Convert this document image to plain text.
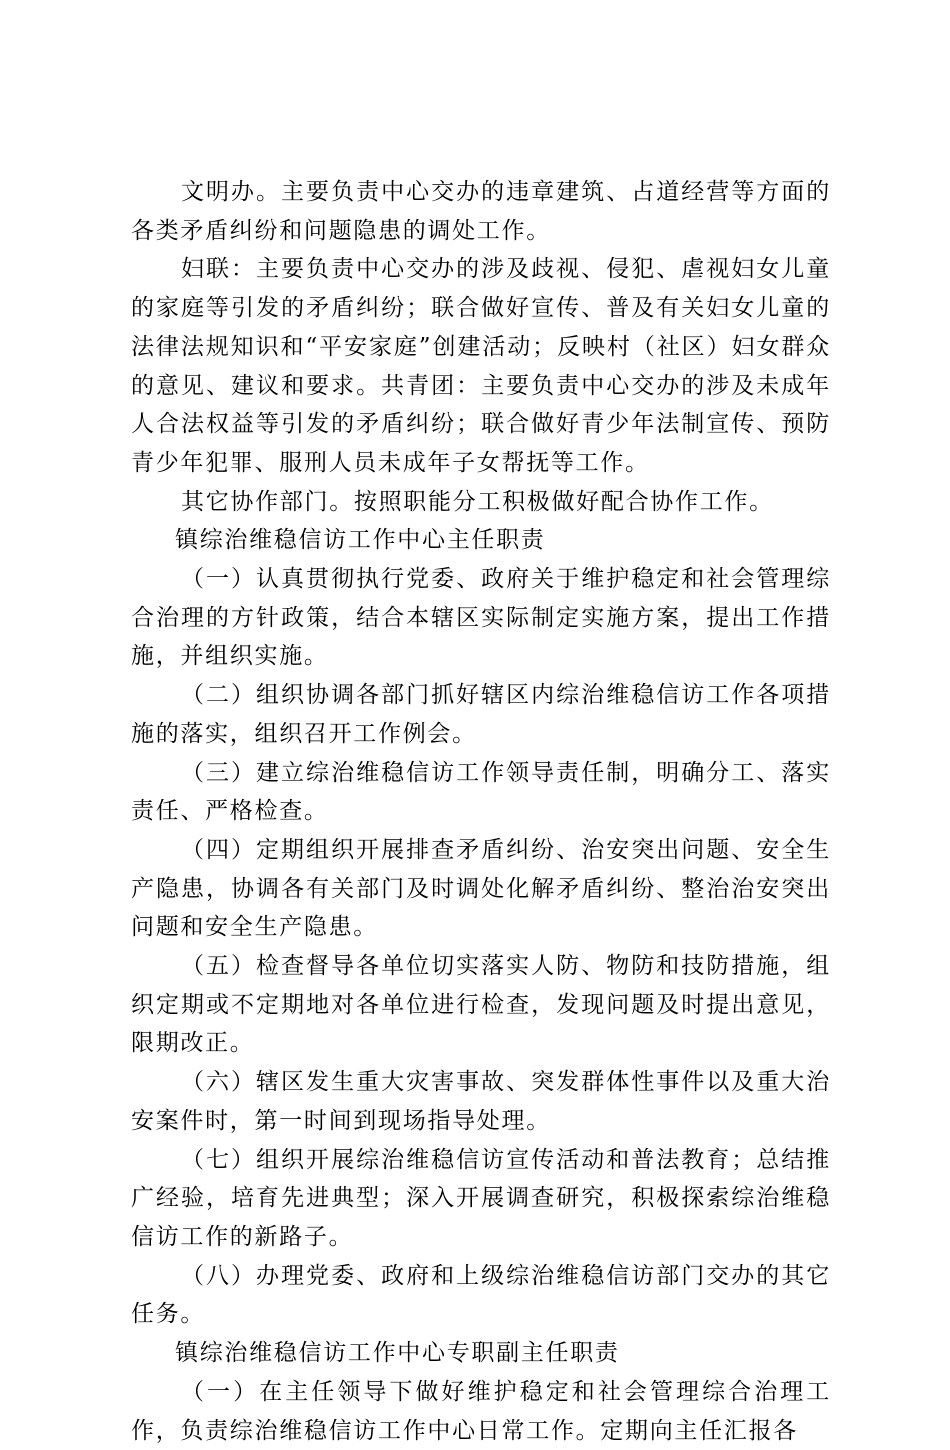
文明办。主要负责中心交办的违章建筑、占道经营等方面的各类矛盾纠纷和问题隐患的调处工作。

妇联：主要负责中心交办的涉及歧视、侵犯、虐视妇女儿童的家庭等引发的矛盾纠纷；联合做好宣传、普及有关妇女儿童的法律法规知识和“平安家庭”创建活动；反映村（社区）妇女群众的意见、建议和要求。共青团：主要负责中心交办的涉及未成年人合法权益等引发的矛盾纠纷；联合做好青少年法制宣传、预防青少年犯罪、服刑人员未成年子女帮抚等工作。

其它协作部门。按照职能分工积极做好配合协作工作。

镇综治维稳信访工作中心主任职责

（一）认真贯彻执行党委、政府关于维护稳定和社会管理综合治理的方针政策，结合本辖区实际制定实施方案，提出工作措施，并组织实施。

（二）组织协调各部门抓好辖区内综治维稳信访工作各项措施的落实，组织召开工作例会。

（三）建立综治维稳信访工作领导责任制，明确分工、落实责任、严格检查。

（四）定期组织开展排查矛盾纠纷、治安突出问题、安全生产隐患，协调各有关部门及时调处化解矛盾纠纷、整治治安突出问题和安全生产隐患。

（五）检查督导各单位切实落实人防、物防和技防措施，组织定期或不定期地对各单位进行检查，发现问题及时提出意见，限期改正。

（六）辖区发生重大灾害事故、突发群体性事件以及重大治安案件时，第一时间到现场指导处理。

（七）组织开展综治维稳信访宣传活动和普法教育；总结推广经验，培育先进典型；深入开展调查研究，积极探索综治维稳信访工作的新路子。

（八）办理党委、政府和上级综治维稳信访部门交办的其它任务。

镇综治维稳信访工作中心专职副主任职责

（一）在主任领导下做好维护稳定和社会管理综合治理工作，负责综治维稳信访工作中心日常工作。定期向主任汇报各
